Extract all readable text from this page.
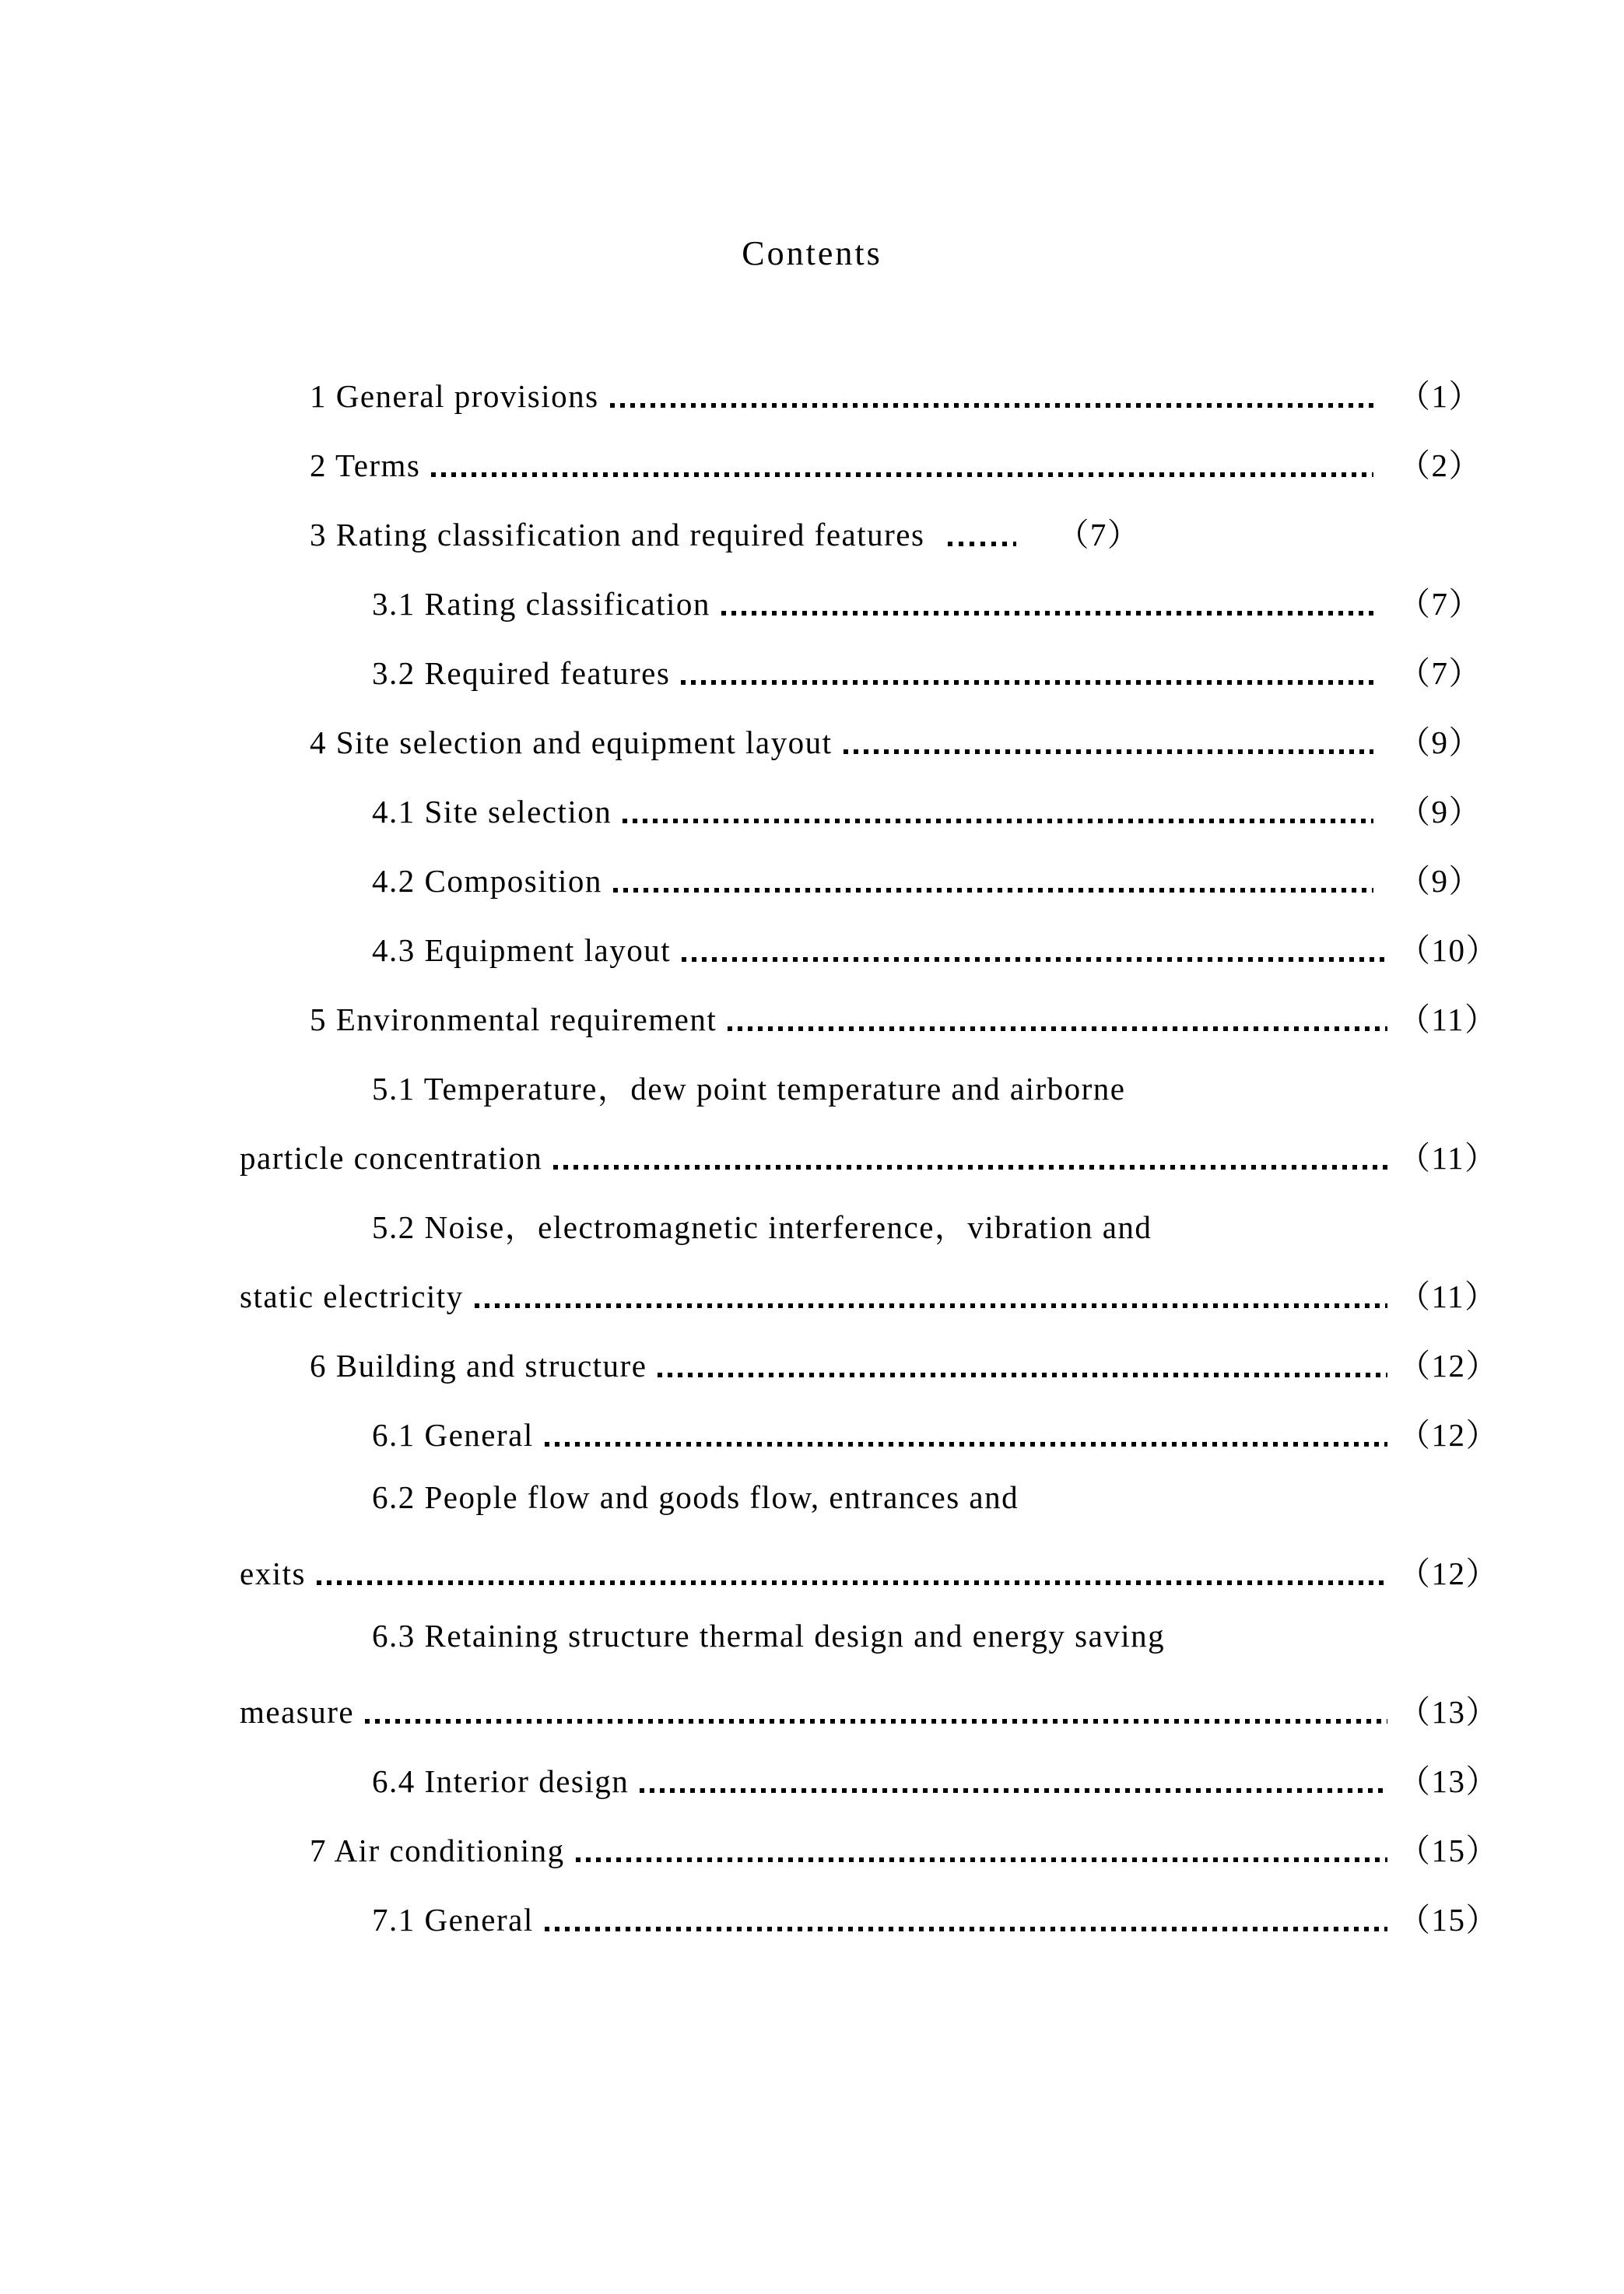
Contents
1 General provisions	（1）
2 Terms	（2）
3 Rating classification and required features	（7）
3.1 Rating classification	（7）
3.2 Required features	（7）
4 Site selection and equipment layout	（9）
4.1 Site selection	（9）
4.2 Composition	（9）
4.3 Equipment layout	（10）
5 Environmental requirement	（11）
5.1 Temperature，dew point temperature and airborne
particle concentration	（11）
5.2 Noise，electromagnetic interference，vibration and
static electricity	（11）
6 Building and structure	（12）
6.1 General	（12）
6.2 People flow and goods flow, entrances and
exits	（12）
6.3 Retaining structure thermal design and energy saving
measure	（13）
6.4 Interior design	（13）
7 Air conditioning	（15）
7.1 General	（15）
